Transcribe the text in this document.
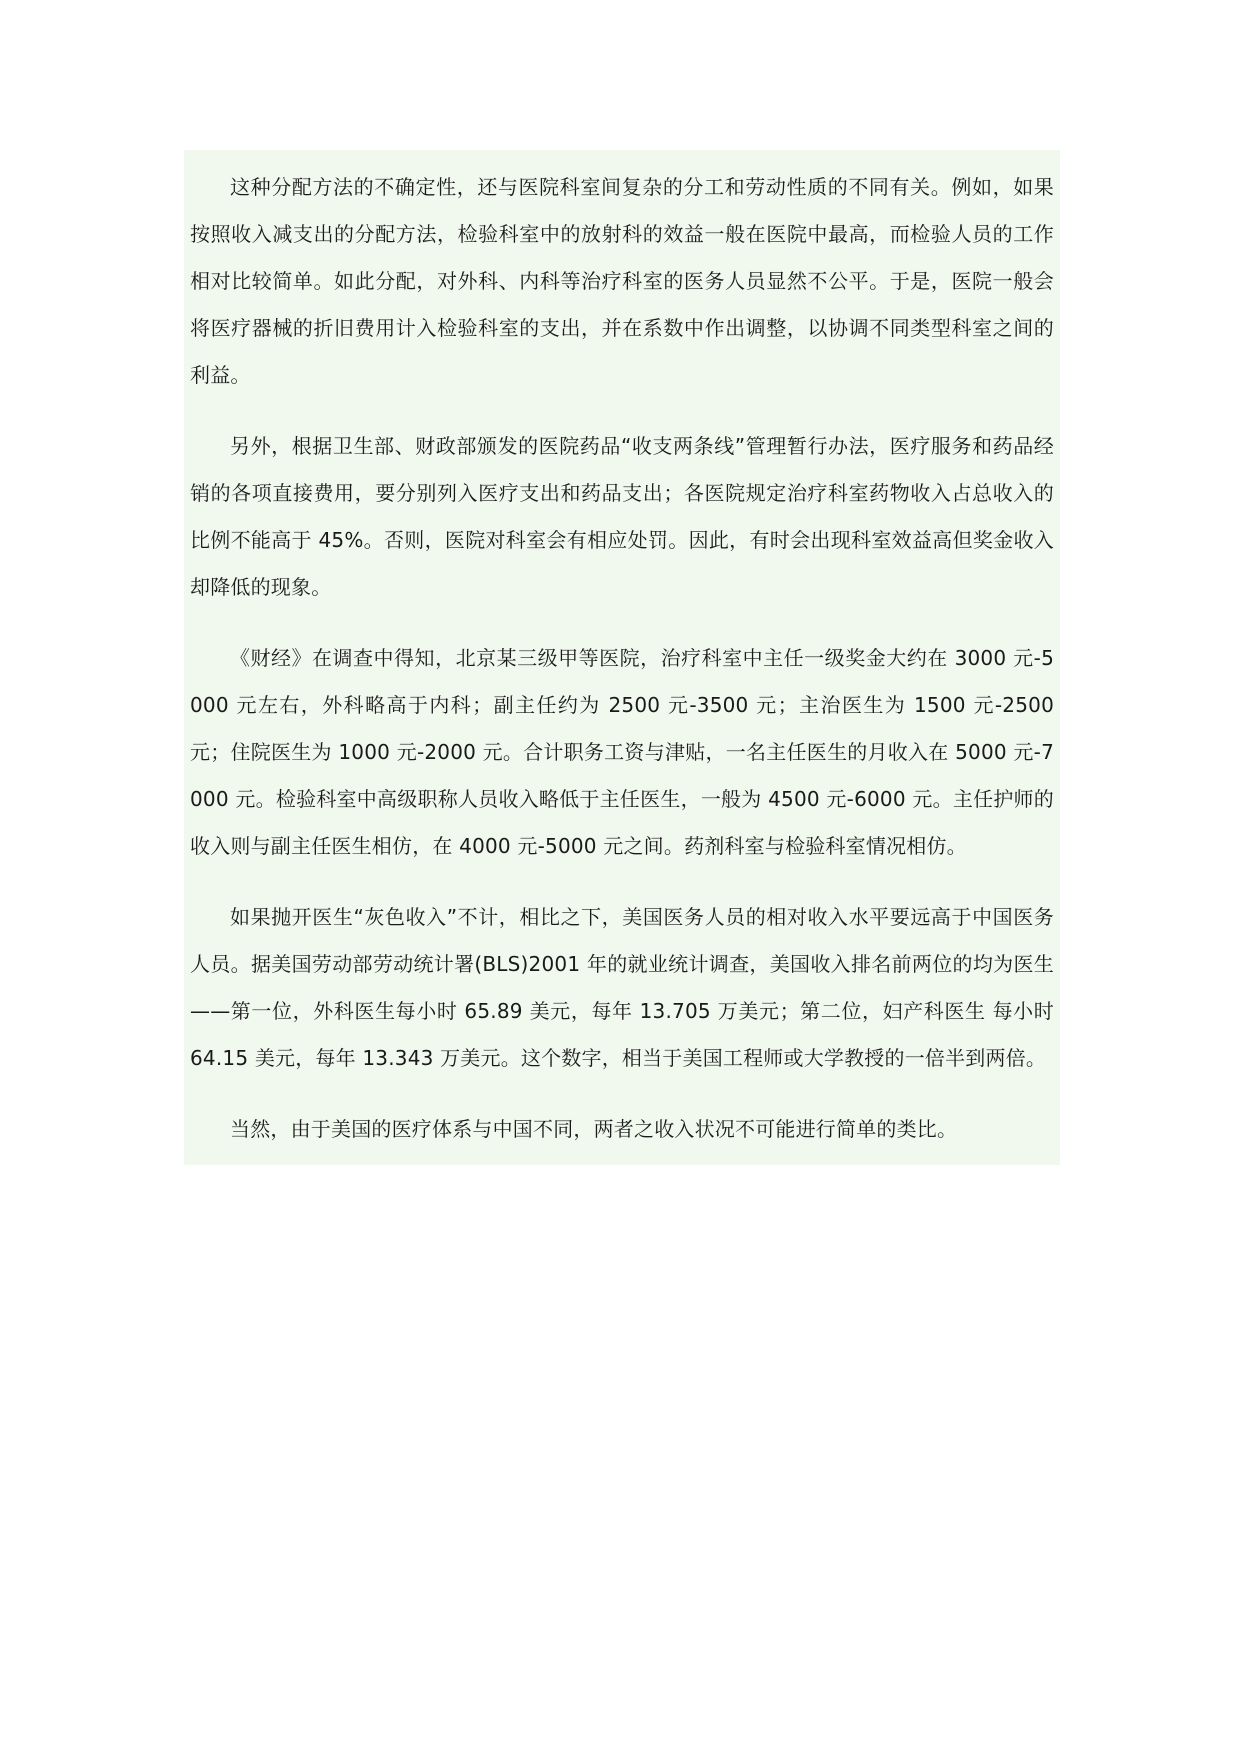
这种分配方法的不确定性，还与医院科室间复杂的分工和劳动性质的不同有关。例如，如果按照收入减支出的分配方法，检验科室中的放射科的效益一般在医院中最高，而检验人员的工作相对比较简单。如此分配，对外科、内科等治疗科室的医务人员显然不公平。于是，医院一般会将医疗器械的折旧费用计入检验科室的支出，并在系数中作出调整，以协调不同类型科室之间的利益。

另外，根据卫生部、财政部颁发的医院药品“收支两条线”管理暂行办法，医疗服务和药品经销的各项直接费用，要分别列入医疗支出和药品支出；各医院规定治疗科室药物收入占总收入的比例不能高于 45%。否则，医院对科室会有相应处罚。因此，有时会出现科室效益高但奖金收入却降低的现象。

《财经》在调查中得知，北京某三级甲等医院，治疗科室中主任一级奖金大约在 3000 元-5000 元左右，外科略高于内科；副主任约为 2500 元-3500 元；主治医生为 1500 元-2500 元；住院医生为 1000 元-2000 元。合计职务工资与津贴，一名主任医生的月收入在 5000 元-7000 元。检验科室中高级职称人员收入略低于主任医生，一般为 4500 元-6000 元。主任护师的收入则与副主任医生相仿，在 4000 元-5000 元之间。药剂科室与检验科室情况相仿。

如果抛开医生“灰色收入”不计，相比之下，美国医务人员的相对收入水平要远高于中国医务人员。据美国劳动部劳动统计署(BLS)2001 年的就业统计调查，美国收入排名前两位的均为医生——第一位，外科医生每小时 65.89 美元，每年 13.705 万美元；第二位，妇产科医生 每小时 64.15 美元，每年 13.343 万美元。这个数字，相当于美国工程师或大学教授的一倍半到两倍。

当然，由于美国的医疗体系与中国不同，两者之收入状况不可能进行简单的类比。
